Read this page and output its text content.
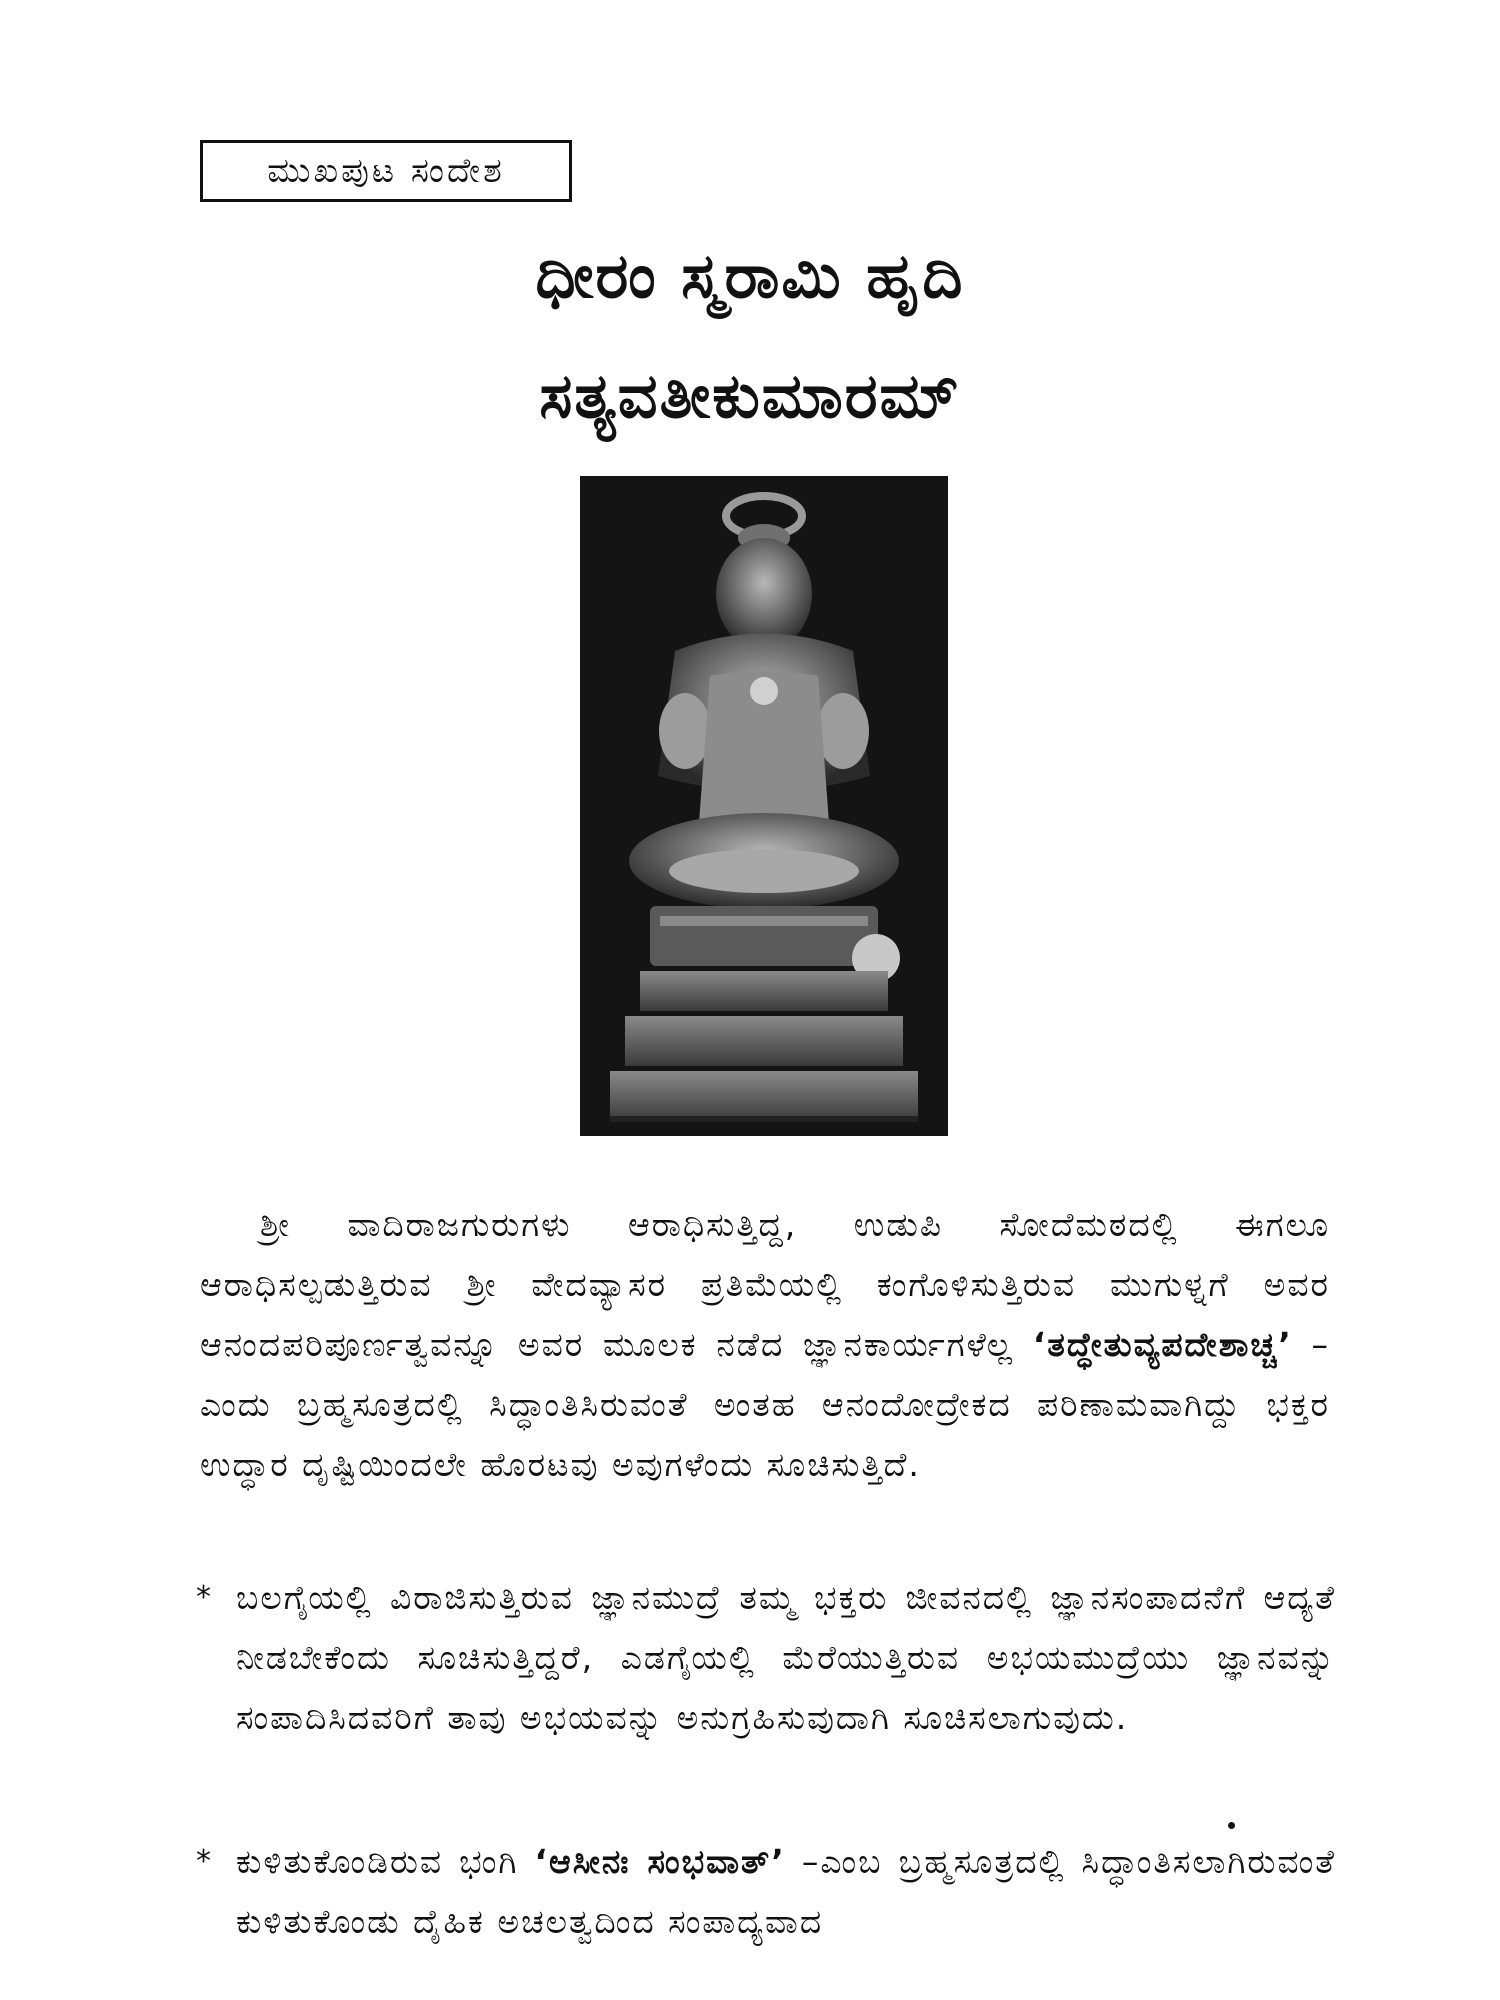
ಮುಖಪುಟ ಸಂದೇಶ
ಧೀರಂ ಸ್ಮರಾಮಿ ಹೃದಿ
ಸತ್ಯವತೀಕುಮಾರಮ್
ಶ್ರೀ ವಾದಿರಾಜಗುರುಗಳು ಆರಾಧಿಸುತ್ತಿದ್ದ, ಉಡುಪಿ ಸೋದೆಮಠದಲ್ಲಿ ಈಗಲೂ ಆರಾಧಿಸಲ್ಪಡುತ್ತಿರುವ ಶ್ರೀ ವೇದವ್ಯಾಸರ ಪ್ರತಿಮೆಯಲ್ಲಿ ಕಂಗೊಳಿಸುತ್ತಿರುವ ಮುಗುಳ್ನಗೆ ಅವರ ಆನಂದಪರಿಪೂರ್ಣತ್ವವನ್ನೂ ಅವರ ಮೂಲಕ ನಡೆದ ಜ್ಞಾನಕಾರ್ಯಗಳೆಲ್ಲ ‘ತದ್ಧೇತುವ್ಯಪದೇಶಾಚ್ಚ’ –ಎಂದು ಬ್ರಹ್ಮಸೂತ್ರದಲ್ಲಿ ಸಿದ್ಧಾಂತಿಸಿರುವಂತೆ ಅಂತಹ ಆನಂದೋದ್ರೇಕದ ಪರಿಣಾಮವಾಗಿದ್ದು ಭಕ್ತರ ಉದ್ಧಾರ ದೃಷ್ಟಿಯಿಂದಲೇ ಹೊರಟವು ಅವುಗಳೆಂದು ಸೂಚಿಸುತ್ತಿದೆ.
* ಬಲಗೈಯಲ್ಲಿ ವಿರಾಜಿಸುತ್ತಿರುವ ಜ್ಞಾನಮುದ್ರೆ ತಮ್ಮ ಭಕ್ತರು ಜೀವನದಲ್ಲಿ ಜ್ಞಾನಸಂಪಾದನೆಗೆ ಆದ್ಯತೆ ನೀಡಬೇಕೆಂದು ಸೂಚಿಸುತ್ತಿದ್ದರೆ, ಎಡಗೈಯಲ್ಲಿ ಮೆರೆಯುತ್ತಿರುವ ಅಭಯಮುದ್ರೆಯು ಜ್ಞಾನವನ್ನು ಸಂಪಾದಿಸಿದವರಿಗೆ ತಾವು ಅಭಯವನ್ನು ಅನುಗ್ರಹಿಸುವುದಾಗಿ ಸೂಚಿಸಲಾಗುವುದು.
* ಕುಳಿತುಕೊಂಡಿರುವ ಭಂಗಿ ‘ಆಸೀನಃ ಸಂಭವಾತ್’ –ಎಂಬ ಬ್ರಹ್ಮಸೂತ್ರದಲ್ಲಿ ಸಿದ್ಧಾಂತಿಸಲಾಗಿರುವಂತೆ ಕುಳಿತುಕೊಂಡು ದೈಹಿಕ ಅಚಲತ್ವದಿಂದ ಸಂಪಾದ್ಯವಾದ
